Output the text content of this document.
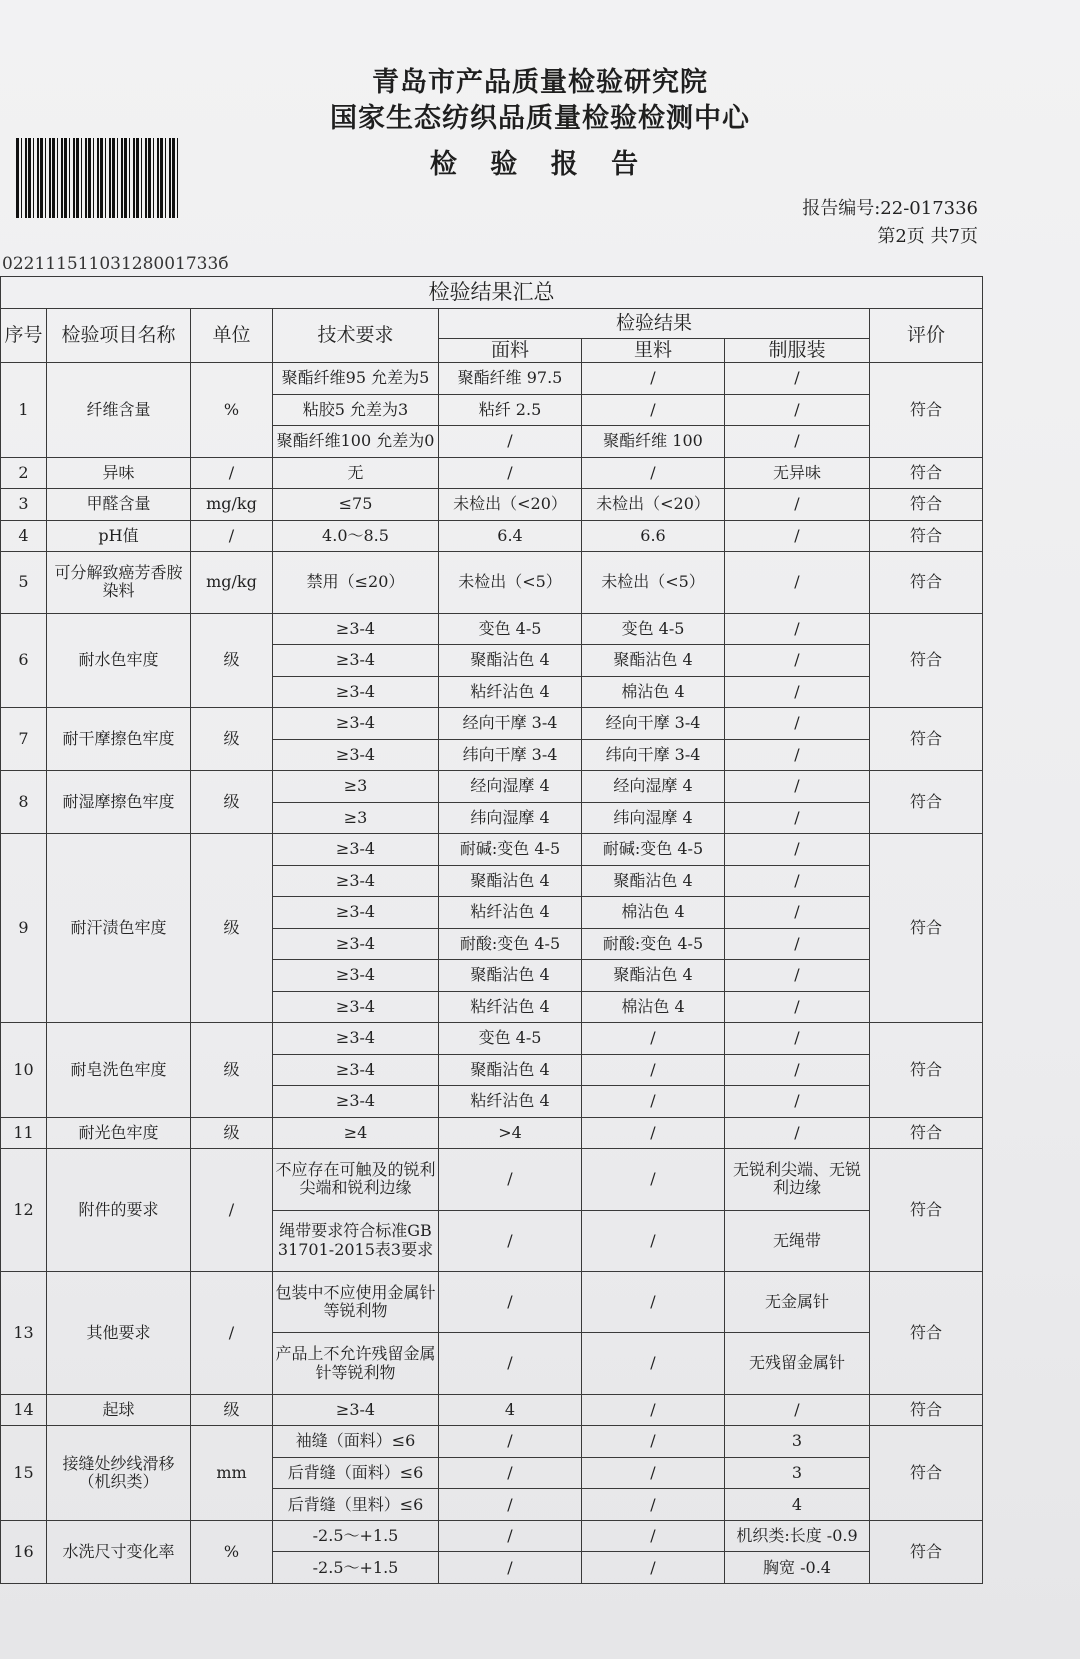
青岛市产品质量检验研究院
国家生态纺织品质量检验检测中心
检 验 报 告
02211151103128001733б
报告编号:22-017336
第2页 共7页
检验结果汇总							
序号	检验项目名称	单位	技术要求	检验结果			评价
				面料	里料	制服装	
1	纤维含量	%	聚酯纤维95 允差为5	聚酯纤维 97.5	/	/	符合
			粘胶5 允差为3	粘纤 2.5	/	/	
			聚酯纤维100 允差为0	/	聚酯纤维 100	/	
2	异味	/	无	/	/	无异味	符合
3	甲醛含量	mg/kg	≤75	未检出（<20）	未检出（<20）	/	符合
4	pH值	/	4.0～8.5	6.4	6.6	/	符合
5	可分解致癌芳香胺染料	mg/kg	禁用（≤20）	未检出（<5）	未检出（<5）	/	符合
6	耐水色牢度	级	≥3-4	变色 4-5	变色 4-5	/	符合
			≥3-4	聚酯沾色 4	聚酯沾色 4	/	
			≥3-4	粘纤沾色 4	棉沾色 4	/	
7	耐干摩擦色牢度	级	≥3-4	经向干摩 3-4	经向干摩 3-4	/	符合
			≥3-4	纬向干摩 3-4	纬向干摩 3-4	/	
8	耐湿摩擦色牢度	级	≥3	经向湿摩 4	经向湿摩 4	/	符合
			≥3	纬向湿摩 4	纬向湿摩 4	/	
9	耐汗渍色牢度	级	≥3-4	耐碱:变色 4-5	耐碱:变色 4-5	/	符合
			≥3-4	聚酯沾色 4	聚酯沾色 4	/	
			≥3-4	粘纤沾色 4	棉沾色 4	/	
			≥3-4	耐酸:变色 4-5	耐酸:变色 4-5	/	
			≥3-4	聚酯沾色 4	聚酯沾色 4	/	
			≥3-4	粘纤沾色 4	棉沾色 4	/	
10	耐皂洗色牢度	级	≥3-4	变色 4-5	/	/	符合
			≥3-4	聚酯沾色 4	/	/	
			≥3-4	粘纤沾色 4	/	/	
11	耐光色牢度	级	≥4	>4	/	/	符合
12	附件的要求	/	不应存在可触及的锐利尖端和锐利边缘	/	/	无锐利尖端、无锐利边缘	符合
			绳带要求符合标准GB 31701-2015表3要求	/	/	无绳带	
13	其他要求	/	包装中不应使用金属针等锐利物	/	/	无金属针	符合
			产品上不允许残留金属针等锐利物	/	/	无残留金属针	
14	起球	级	≥3-4	4	/	/	符合
15	接缝处纱线滑移（机织类）	mm	袖缝（面料）≤6	/	/	3	符合
			后背缝（面料）≤6	/	/	3	
			后背缝（里料）≤6	/	/	4	
16	水洗尺寸变化率	%	-2.5～+1.5	/	/	机织类:长度 -0.9	符合
			-2.5～+1.5	/	/	胸宽 -0.4	
